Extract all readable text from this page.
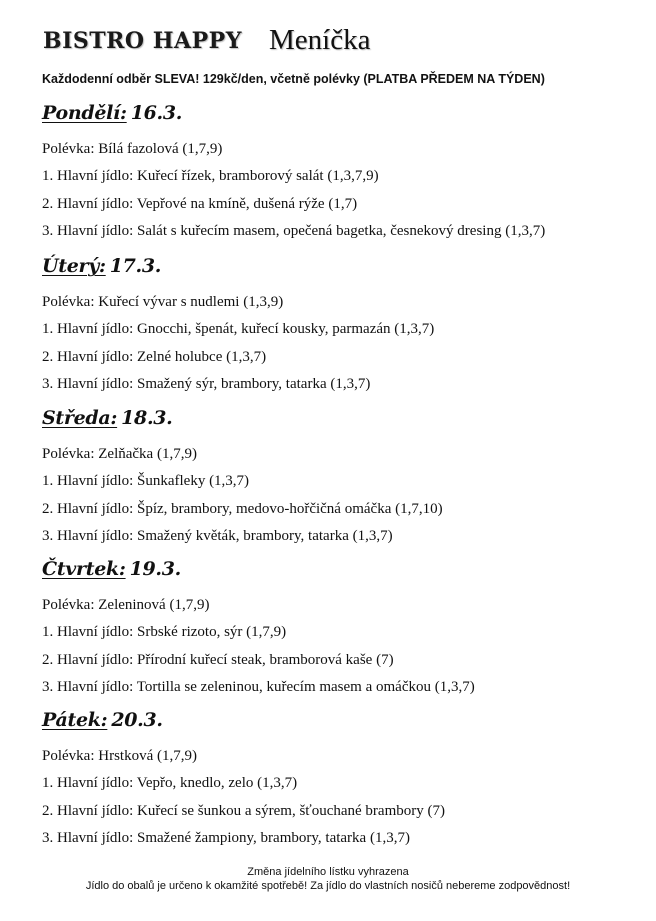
BISTRO HAPPY Meníčka
Každodenní odběr SLEVA! 129kč/den, včetně polévky (PLATBA PŘEDEM NA TÝDEN)
Pondělí: 16.3.
Polévka: Bílá fazolová (1,7,9)
1. Hlavní jídlo: Kuřecí řízek, bramborový salát (1,3,7,9)
2. Hlavní jídlo: Vepřové na kmíně, dušená rýže (1,7)
3. Hlavní jídlo: Salát s kuřecím masem, opečená bagetka, česnekový dresing (1,3,7)
Úterý: 17.3.
Polévka: Kuřecí vývar s nudlemi (1,3,9)
1. Hlavní jídlo: Gnocchi, špenát, kuřecí kousky, parmazán (1,3,7)
2. Hlavní jídlo: Zelné holubce (1,3,7)
3. Hlavní jídlo: Smažený sýr, brambory, tatarka (1,3,7)
Středa: 18.3.
Polévka: Zelňačka (1,7,9)
1. Hlavní jídlo: Šunkafleky (1,3,7)
2. Hlavní jídlo: Špíz, brambory, medovo-hořčičná omáčka (1,7,10)
3. Hlavní jídlo: Smažený květák, brambory, tatarka (1,3,7)
Čtvrtek: 19.3.
Polévka: Zeleninová (1,7,9)
1. Hlavní jídlo: Srbské rizoto, sýr (1,7,9)
2. Hlavní jídlo: Přírodní kuřecí steak, bramborová kaše (7)
3. Hlavní jídlo: Tortilla se zeleninou, kuřecím masem a omáčkou (1,3,7)
Pátek: 20.3.
Polévka: Hrstková (1,7,9)
1. Hlavní jídlo: Vepřo, knedlo, zelo (1,3,7)
2. Hlavní jídlo: Kuřecí se šunkou a sýrem, šťouchané brambory (7)
3. Hlavní jídlo: Smažené žampiony, brambory, tatarka (1,3,7)
Změna jídelního lístku vyhrazena
Jídlo do obalů je určeno k okamžité spotřebě! Za jídlo do vlastních nosičů nebereme zodpovědnost!
